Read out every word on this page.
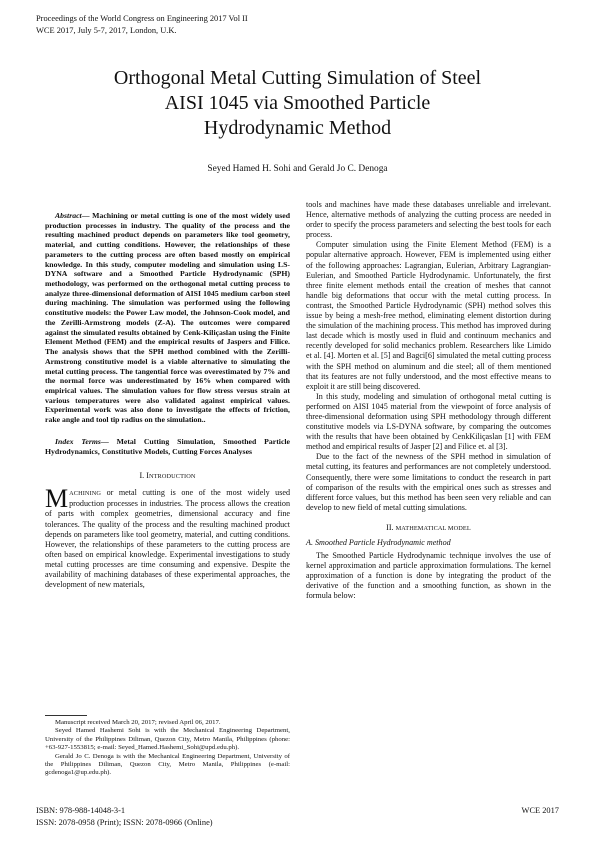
Proceedings of the World Congress on Engineering 2017 Vol II
WCE 2017, July 5-7, 2017, London, U.K.
Orthogonal Metal Cutting Simulation of Steel
AISI 1045 via Smoothed Particle
Hydrodynamic Method
Seyed Hamed H. Sohi and Gerald Jo C. Denoga

Abstract— Machining or metal cutting is one of the most widely used production processes in industry. The quality of the process and the resulting machined product depends on parameters like tool geometry, material, and cutting conditions. However, the relationships of these parameters to the cutting process are often based mostly on empirical knowledge. In this study, computer modeling and simulation using LS-DYNA software and a Smoothed Particle Hydrodynamic (SPH) methodology, was performed on the orthogonal metal cutting process to analyze three-dimensional deformation of AISI 1045 medium carbon steel during machining. The simulation was performed using the following constitutive models: the Power Law model, the Johnson-Cook model, and the Zerilli-Armstrong models (Z-A). The outcomes were compared against the simulated results obtained by Cenk-Kiliçaslan using the Finite Element Method (FEM) and the empirical results of Jaspers and Filice. The analysis shows that the SPH method combined with the Zerilli-Armstrong constitutive model is a viable alternative to simulating the metal cutting process. The tangential force was overestimated by 7% and the normal force was underestimated by 16% when compared with empirical values. The simulation values for flow stress versus strain at various temperatures were also validated against empirical values. Experimental work was also done to investigate the effects of friction, rake angle and tool tip radius on the simulation..

Index Terms— Metal Cutting Simulation, Smoothed Particle Hydrodynamics, Constitutive Models, Cutting Forces Analyses

I. INTRODUCTION

MACHINING or metal cutting is one of the most widely used production processes in industries. The process allows the creation of parts with complex geometries, dimensional accuracy and fine tolerances. The quality of the process and the resulting machined product depends on parameters like tool geometry, material, and cutting conditions. However, the relationships of these parameters to the cutting process are often based on empirical knowledge. Experimental investigations to study metal cutting processes are time consuming and expensive. Despite the availability of machining databases of these experimental approaches, the development of new materials,

Manuscript received March 20, 2017; revised April 06, 2017.

Seyed Hamed Hashemi Sohi is with the Mechanical Engineering Department, University of the Philippines Diliman, Quezon City, Metro Manila, Philippines (phone: +63-927-1553815; e-mail: Seyed_Hamed.Hashemi_Sohi@upd.edu.ph).

Gerald Jo C. Denoga is with the Mechanical Engineering Department, University of the Philippines Diliman, Quezon City, Metro Manila, Philippines (e-mail: gcdenoga1@up.edu.ph).

tools and machines have made these databases unreliable and irrelevant. Hence, alternative methods of analyzing the cutting process are needed in order to specify the process parameters and selecting the best tools for each process.

Computer simulation using the Finite Element Method (FEM) is a popular alternative approach. However, FEM is implemented using either of the following approaches: Lagrangian, Eulerian, Arbitrary Lagrangian-Eulerian, and Smoothed Particle Hydrodynamic. Unfortunately, the first three finite element methods entail the creation of meshes that cannot handle big deformations that occur with the metal cutting process. In contrast, the Smoothed Particle Hydrodynamic (SPH) method solves this issue by being a mesh-free method, eliminating element distortion during the simulation of the machining process. This method has improved during last decade which is mostly used in fluid and continuum mechanics and recently developed for solid mechanics problem. Researchers like Limido et al. [4]. Morten et al. [5] and Bagci[6] simulated the metal cutting process with the SPH method on aluminum and die steel; all of them mentioned that its features are not fully understood, and the most effective means to exploit it are still being discovered.

In this study, modeling and simulation of orthogonal metal cutting is performed on AISI 1045 material from the viewpoint of force analysis of three-dimensional deformation using SPH methodology through different constitutive models via LS-DYNA software, by comparing the outcomes with the results that have been obtained by CenkKiliçaslan [1] with FEM method and empirical results of Jasper [2] and Filice et. al [3].

Due to the fact of the newness of the SPH method in simulation of metal cutting, its features and performances are not completely understood. Consequently, there were some limitations to conduct the research in part of comparison of the results with the empirical ones such as stresses and different force values, but this method has been seen very reliable and can develop to new field of metal cutting simulations.

II. MATHEMATICAL MODEL
A. Smoothed Particle Hydrodynamic method

The Smoothed Particle Hydrodynamic technique involves the use of kernel approximation and particle approximation formulations. The kernel approximation of a function is done by integrating the product of the derivative of the function and a smoothing function, as shown in the formula below:

ISBN: 978-988-14048-3-1
ISSN: 2078-0958 (Print); ISSN: 2078-0966 (Online)
WCE 2017
